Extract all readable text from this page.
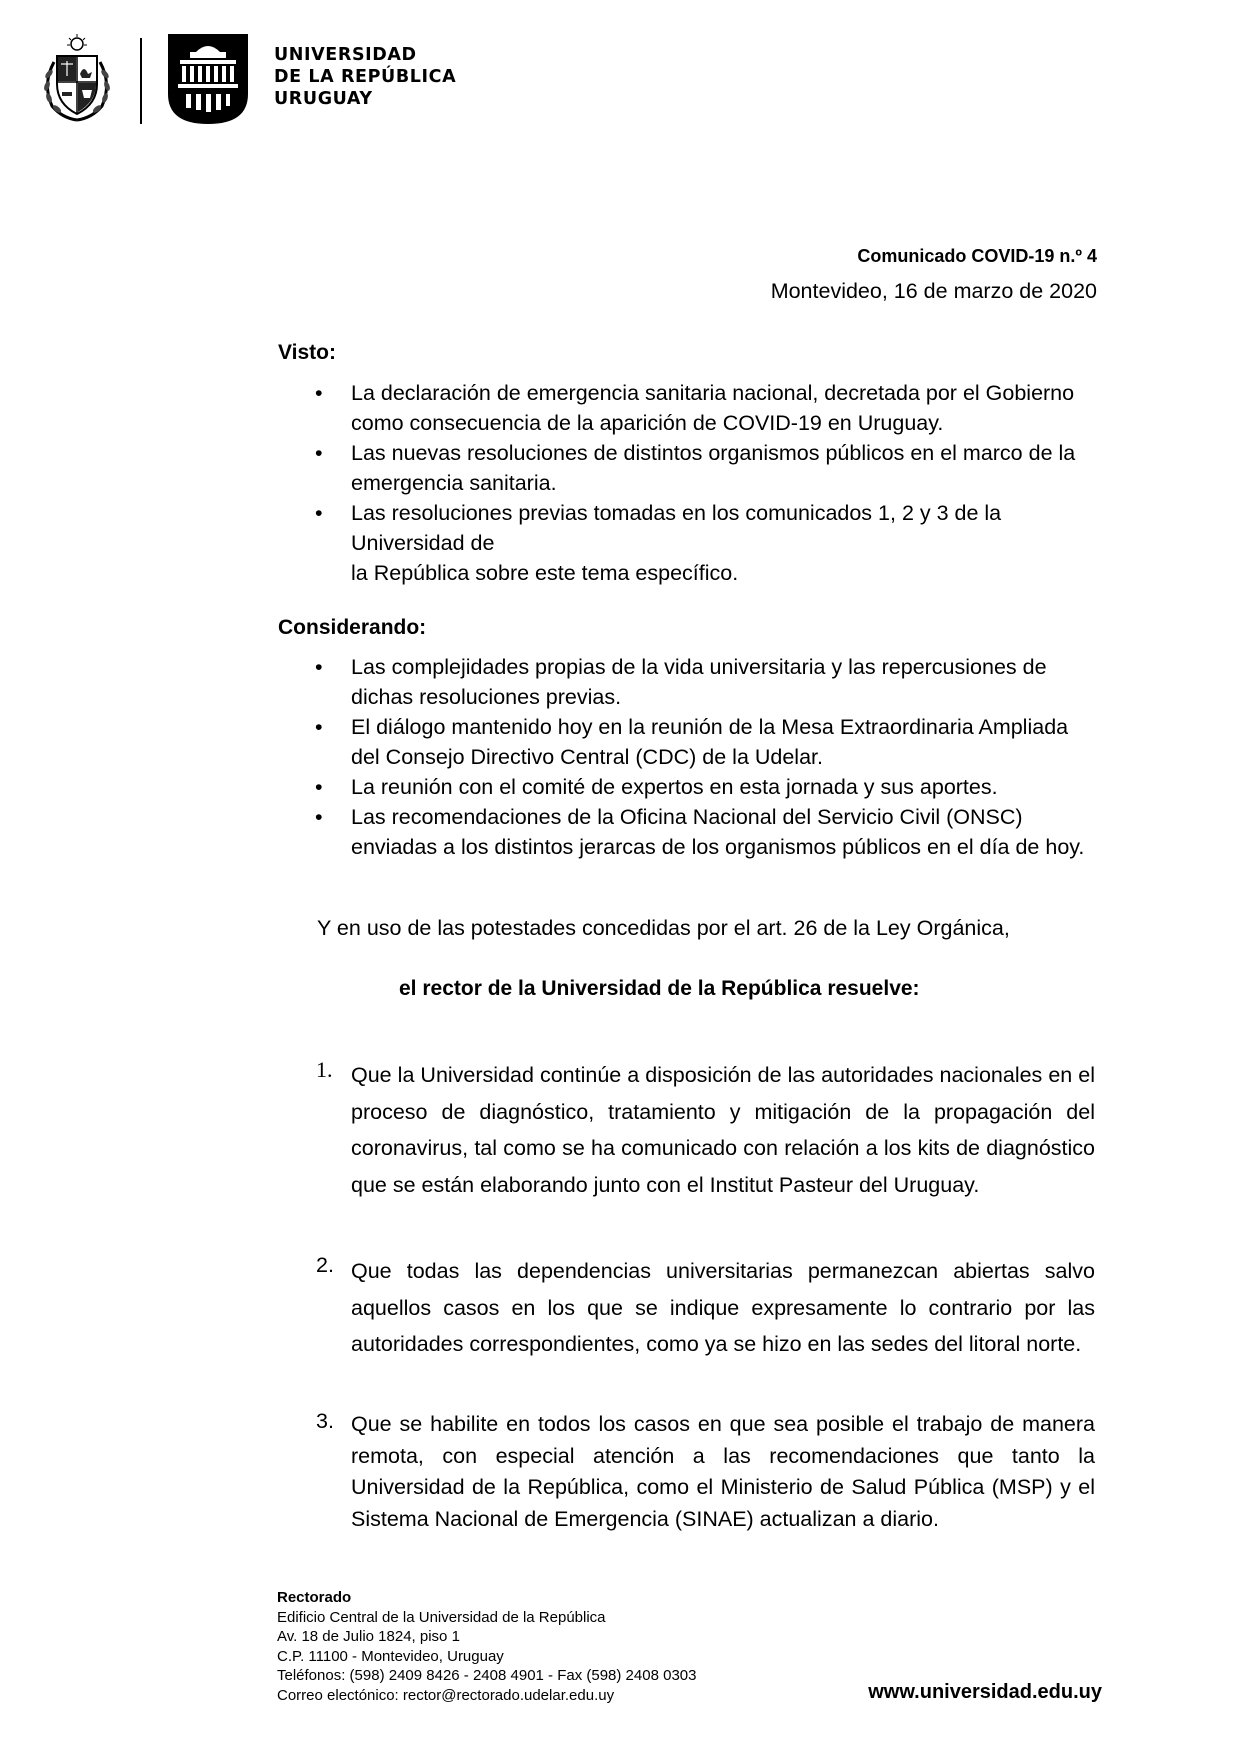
UNIVERSIDAD
DE LA REPÚBLICA
URUGUAY
Comunicado COVID-19 n.º 4
Montevideo, 16 de marzo de 2020
Visto:
• La declaración de emergencia sanitaria nacional, decretada por el Gobierno como consecuencia de la aparición de COVID-19 en Uruguay.
• Las nuevas resoluciones de distintos organismos públicos en el marco de la emergencia sanitaria.
• Las resoluciones previas tomadas en los comunicados 1, 2 y 3 de la
Universidad de
la República sobre este tema específico.
Considerando:
• Las complejidades propias de la vida universitaria y las repercusiones de dichas resoluciones previas.
• El diálogo mantenido hoy en la reunión de la Mesa Extraordinaria Ampliada del Consejo Directivo Central (CDC) de la Udelar.
• La reunión con el comité de expertos en esta jornada y sus aportes.
• Las recomendaciones de la Oficina Nacional del Servicio Civil (ONSC) enviadas a los distintos jerarcas de los organismos públicos en el día de hoy.
Y en uso de las potestades concedidas por el art. 26 de la Ley Orgánica,
el rector de la Universidad de la República resuelve:
1. Que la Universidad continúe a disposición de las autoridades nacionales en el proceso de diagnóstico, tratamiento y mitigación de la propagación del coronavirus, tal como se ha comunicado con relación a los kits de diagnóstico que se están elaborando junto con el Institut Pasteur del Uruguay.
2. Que todas las dependencias universitarias permanezcan abiertas salvo aquellos casos en los que se indique expresamente lo contrario por las autoridades correspondientes, como ya se hizo en las sedes del litoral norte.
3. Que se habilite en todos los casos en que sea posible el trabajo de manera remota, con especial atención a las recomendaciones que tanto la Universidad de la República, como el Ministerio de Salud Pública (MSP) y el Sistema Nacional de Emergencia (SINAE) actualizan a diario.
Rectorado
Edificio Central de la Universidad de la República
Av. 18 de Julio 1824, piso 1
C.P. 11100 - Montevideo, Uruguay
Teléfonos: (598) 2409 8426 - 2408 4901 - Fax (598) 2408 0303
Correo electónico: rector@rectorado.udelar.edu.uy	www.universidad.edu.uy
